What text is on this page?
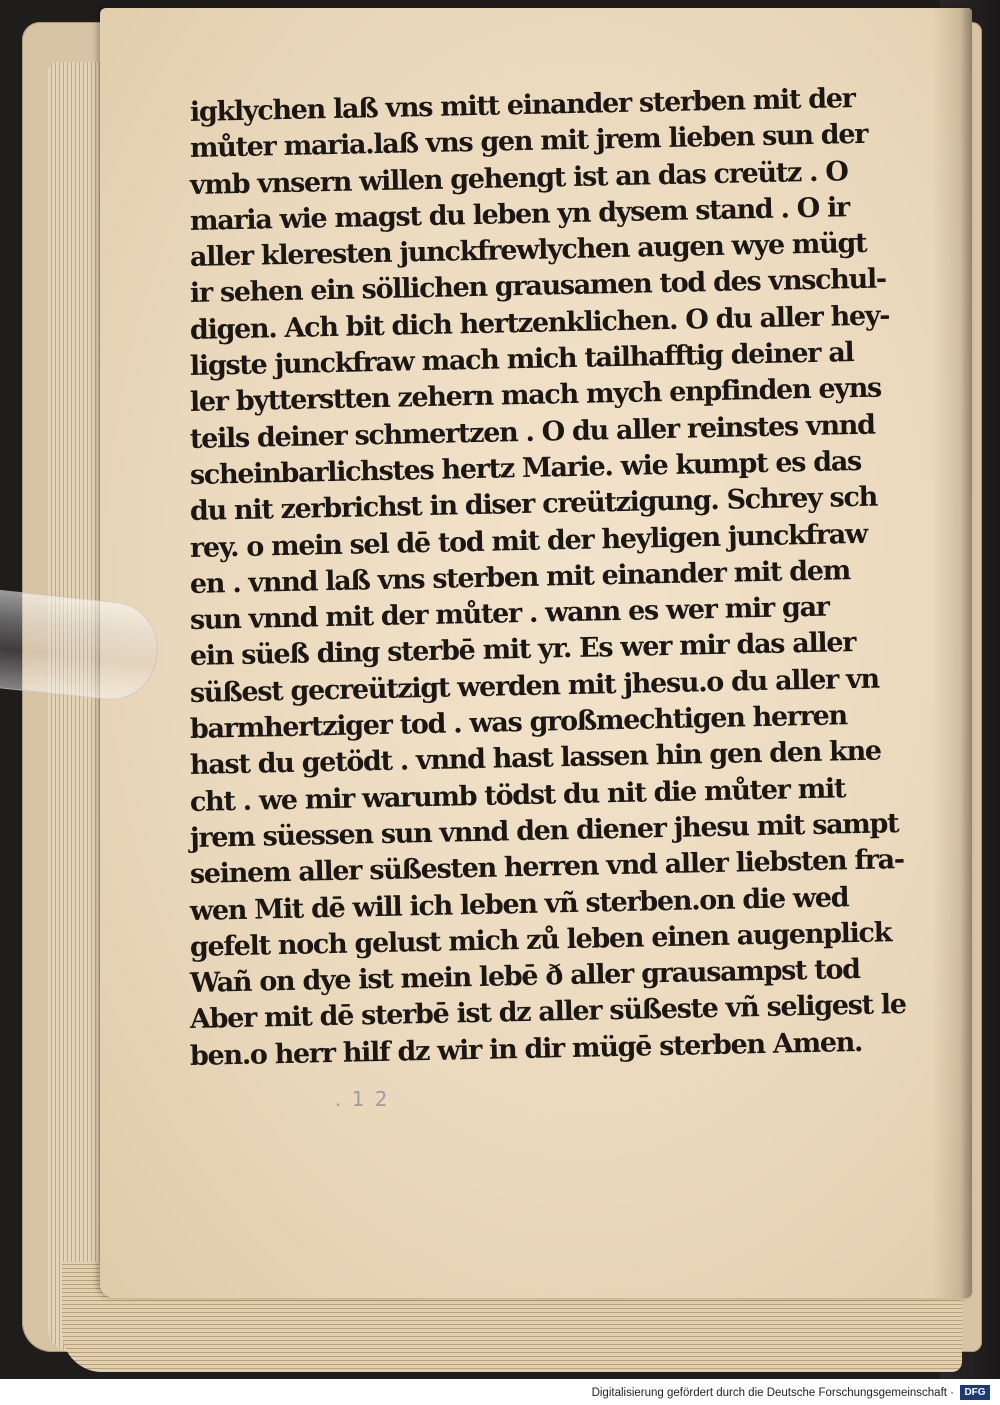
igklychen laß vns mitt einander sterben mit der
můter maria.laß vns gen mit jrem lieben sun der
vmb vnsern willen gehengt ist an das creütz . O
maria wie magst du leben yn dysem stand . O ir
aller kleresten junckfrewlychen augen wye mügt
ir sehen ein söllichen grausamen tod des vnschul-
digen. Ach bit dich hertzenklichen. O du aller hey-
ligste junckfraw mach mich tailhafftig deiner al
ler bytterstten zehern mach mych enpfinden eyns
teils deiner schmertzen . O du aller reinstes vnnd
scheinbarlichstes hertz Marie. wie kumpt es das
du nit zerbrichst in diser creützigung. Schrey sch
rey. o mein sel dē tod mit der heyligen junckfraw
en . vnnd laß vns sterben mit einander mit dem
sun vnnd mit der můter . wann es wer mir gar
ein süeß ding sterbē mit yr. Es wer mir das aller
süßest gecreützigt werden mit jhesu.o du aller vn
barmhertziger tod . was großmechtigen herren
hast du getödt . vnnd hast lassen hin gen den kne
cht . we mir warumb tödst du nit die můter mit
jrem süessen sun vnnd den diener jhesu mit sampt
seinem aller süßesten herren vnd aller liebsten fra-
wen Mit dē will ich leben vñ sterben.on die wed
gefelt noch gelust mich zů leben einen augenplick
Wañ on dye ist mein lebē ð aller grausampst tod
Aber mit dē sterbē ist dz aller süßeste vñ seligest le
ben.o herr hilf dz wir in dir mügē sterben Amen.
. 1 2
Digitalisierung gefördert durch die Deutsche Forschungsgemeinschaft ·	DFG
